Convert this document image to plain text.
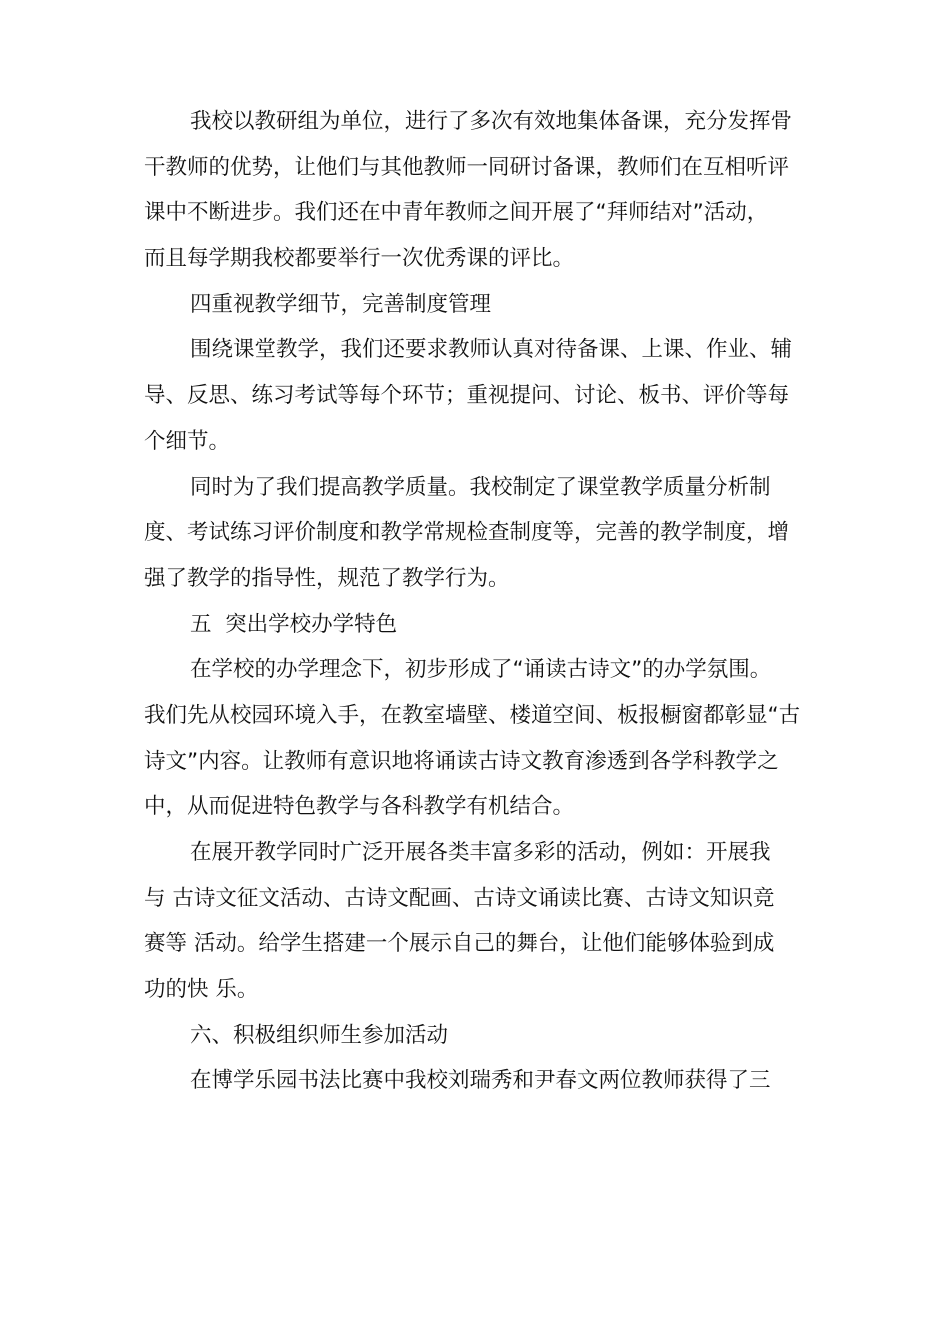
我校以教研组为单位，进行了多次有效地集体备课，充分发挥骨
干教师的优势，让他们与其他教师一同研讨备课，教师们在互相听评
课中不断进步。我们还在中青年教师之间开展了“拜师结对”活动，
而且每学期我校都要举行一次优秀课的评比。
四重视教学细节，完善制度管理
围绕课堂教学，我们还要求教师认真对待备课、上课、作业、辅
导、反思、练习考试等每个环节；重视提问、讨论、板书、评价等每
个细节。
同时为了我们提高教学质量。我校制定了课堂教学质量分析制
度、考试练习评价制度和教学常规检查制度等，完善的教学制度，增
强了教学的指导性，规范了教学行为。
五  突出学校办学特色
在学校的办学理念下，初步形成了“诵读古诗文”的办学氛围。
我们先从校园环境入手，在教室墙壁、楼道空间、板报橱窗都彰显“古
诗文”内容。让教师有意识地将诵读古诗文教育渗透到各学科教学之
中，从而促进特色教学与各科教学有机结合。
在展开教学同时广泛开展各类丰富多彩的活动，例如：开展我
与 古诗文征文活动、古诗文配画、古诗文诵读比赛、古诗文知识竞
赛等 活动。给学生搭建一个展示自己的舞台，让他们能够体验到成
功的快 乐。
六、积极组织师生参加活动
在博学乐园书法比赛中我校刘瑞秀和尹春文两位教师获得了三
